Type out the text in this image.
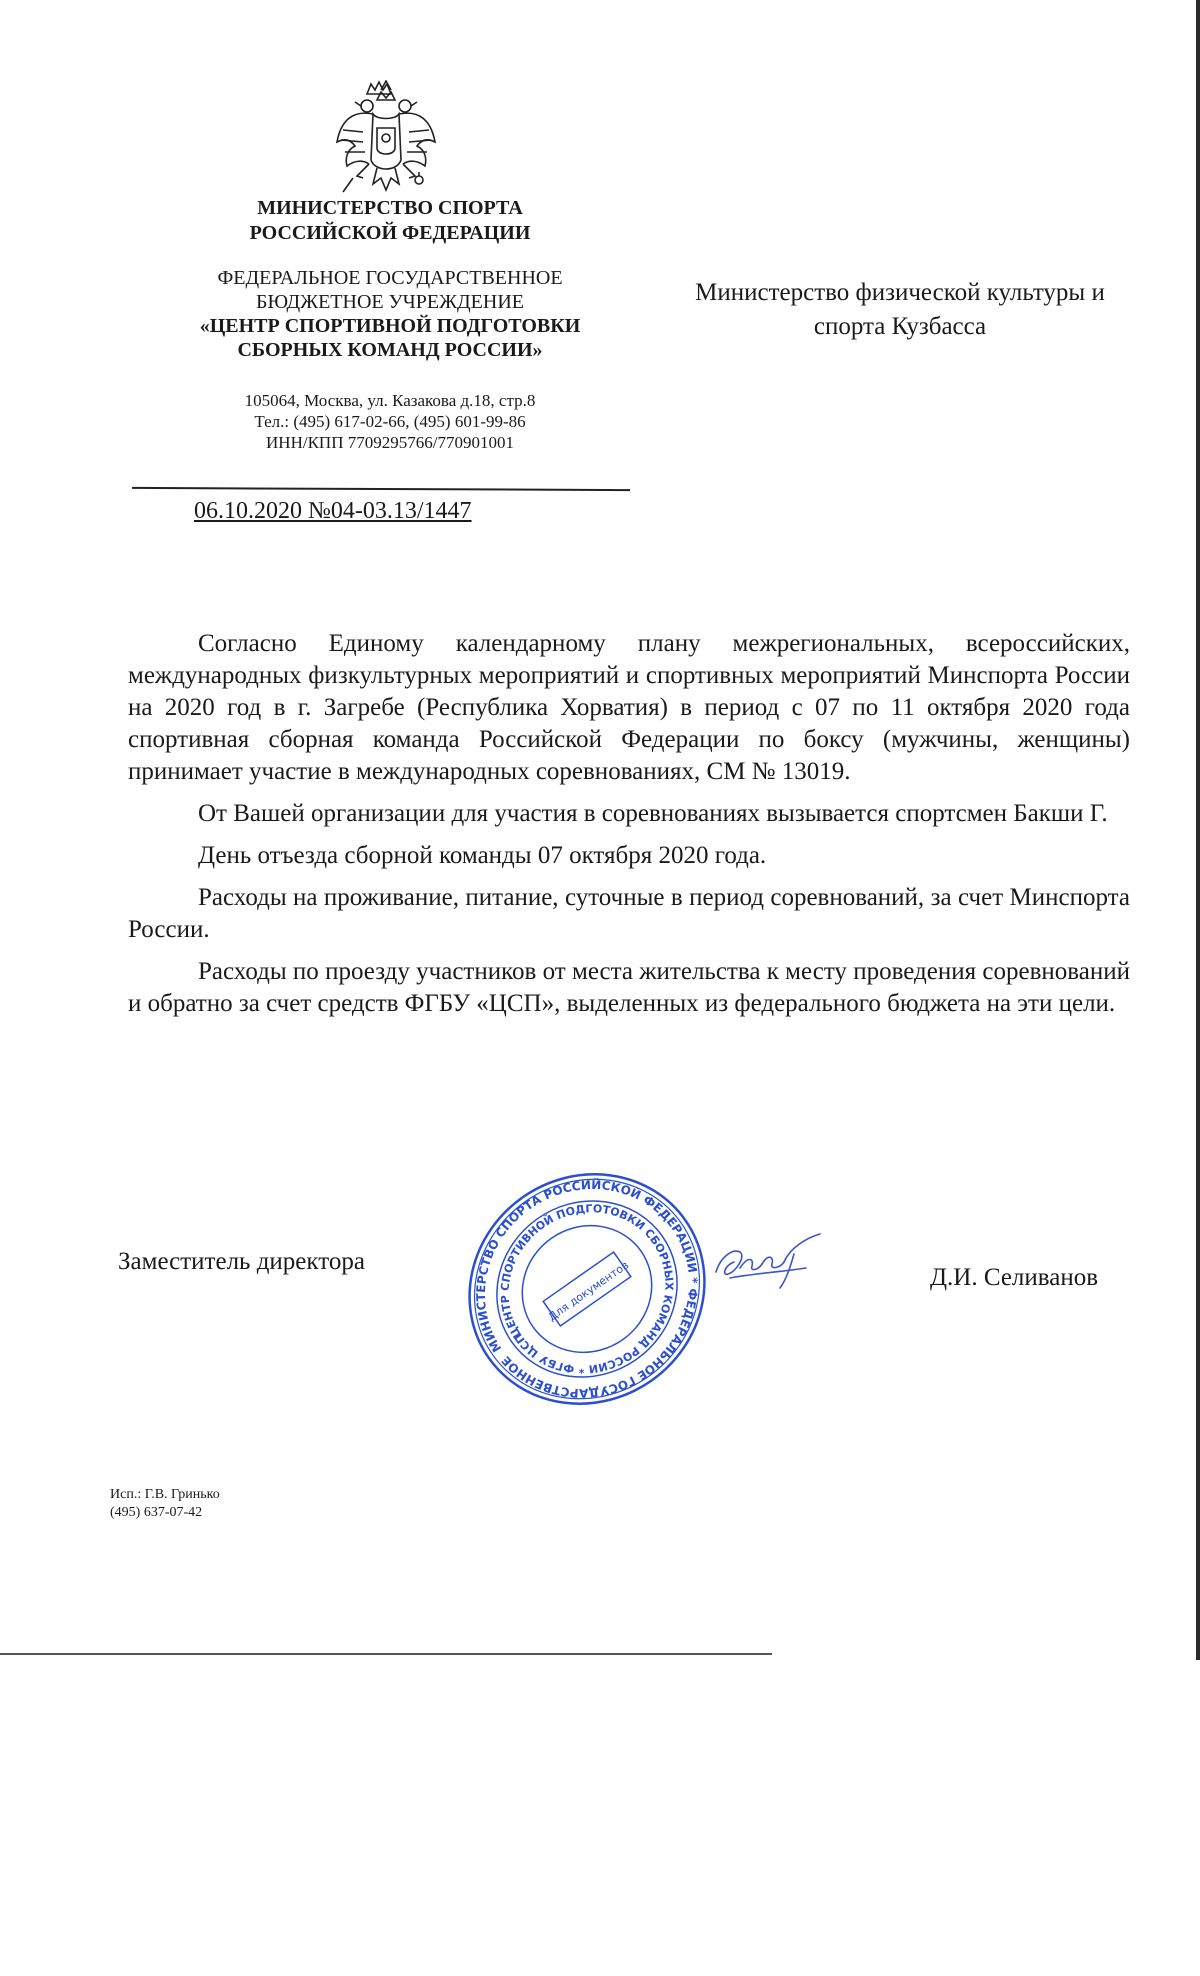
МИНИСТЕРСТВО СПОРТА
РОССИЙСКОЙ ФЕДЕРАЦИИ
ФЕДЕРАЛЬНОЕ ГОСУДАРСТВЕННОЕ
БЮДЖЕТНОЕ УЧРЕЖДЕНИЕ
«ЦЕНТР СПОРТИВНОЙ ПОДГОТОВКИ
СБОРНЫХ КОМАНД РОССИИ»
105064, Москва, ул. Казакова д.18, стр.8
Тел.: (495) 617-02-66, (495) 601-99-86
ИНН/КПП 7709295766/770901001
06.10.2020 №04-03.13/1447
Министерство физической культуры и
спорта Кузбасса

Согласно Единому календарному плану межрегиональных, всероссийских, международных физкультурных мероприятий и спортивных мероприятий Минспорта России на 2020 год в г. Загребе (Республика Хорватия) в период с 07 по 11 октября 2020 года спортивная сборная команда Российской Федерации по боксу (мужчины, женщины) принимает участие в международных соревнованиях, СМ № 13019.

От Вашей организации для участия в соревнованиях вызывается спортсмен Бакши Г.

День отъезда сборной команды 07 октября 2020 года.

Расходы на проживание, питание, суточные в период соревнований, за счет Минспорта России.

Расходы по проезду участников от места жительства к месту проведения соревнований и обратно за счет средств ФГБУ «ЦСП», выделенных из федерального бюджета на эти цели.

Заместитель директора
МИНИСТЕРСТВО СПОРТА РОССИЙСКОЙ ФЕДЕРАЦИИ * ФЕДЕРАЛЬНОЕ ГОСУДАРСТВЕННОЕ
ЦЕНТР СПОРТИВНОЙ ПОДГОТОВКИ СБОРНЫХ КОМАНД РОССИИ * ФГБУ ЦСП
Для документов	Д.И. Селиванов
Исп.: Г.В. Гринько
(495) 637-07-42
